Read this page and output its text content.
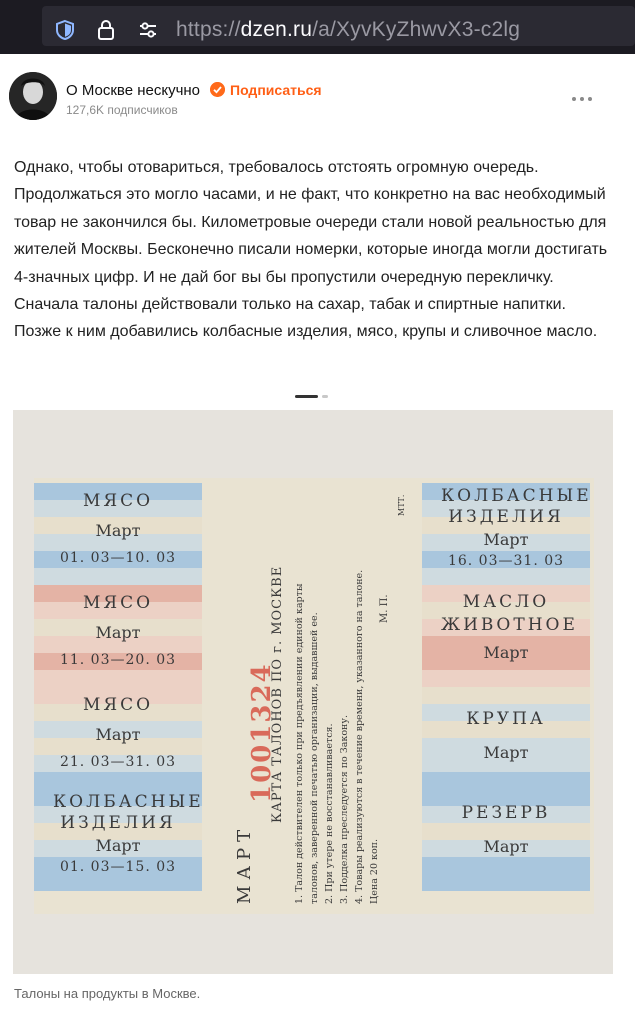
https://dzen.ru/a/XyvKyZhwvX3-c2lg
О Москве нескучно Подписаться
127,6K подписчиков

Однако, чтобы отовариться, требовалось отстоять огромную очередь. Продолжаться это могло часами, и не факт, что конкретно на вас необходимый товар не закончился бы. Километровые очереди стали новой реальностью для жителей Москвы. Бесконечно писали номерки, которые иногда могли достигать 4-значных цифр. И не дай бог вы бы пропустили очередную перекличку. Сначала талоны действовали только на сахар, табак и спиртные напитки. Позже к ним добавились колбасные изделия, мясо, крупы и сливочное масло.

МЯСО
Март
01. 03—10. 03
МЯСО
Март
11. 03—20. 03
МЯСО
Март
21. 03—31. 03
КОЛБАСНЫЕ ИЗДЕЛИЯ
Март
01. 03—15. 03	МАРТ
1001324
КАРТА ТАЛОНОВ ПО г. МОСКВЕ 1. Талон действителен только при предъявлении единой карты талонов, заверенной печатью организации, выдавшей ее. 2. При утере не восстанавливается. 3. Подделка преследуется по Закону. 4. Товары реализуются в течение времени, указанного на талоне. Цена 20 коп.
М. П.
МТТ. КОЛБАСНЫЕ ИЗДЕЛИЯ
Март
16. 03—31. 03
МАСЛО ЖИВОТНОЕ
Март
КРУПА
Март
РЕЗЕРВ
Март
Талоны на продукты в Москве.
